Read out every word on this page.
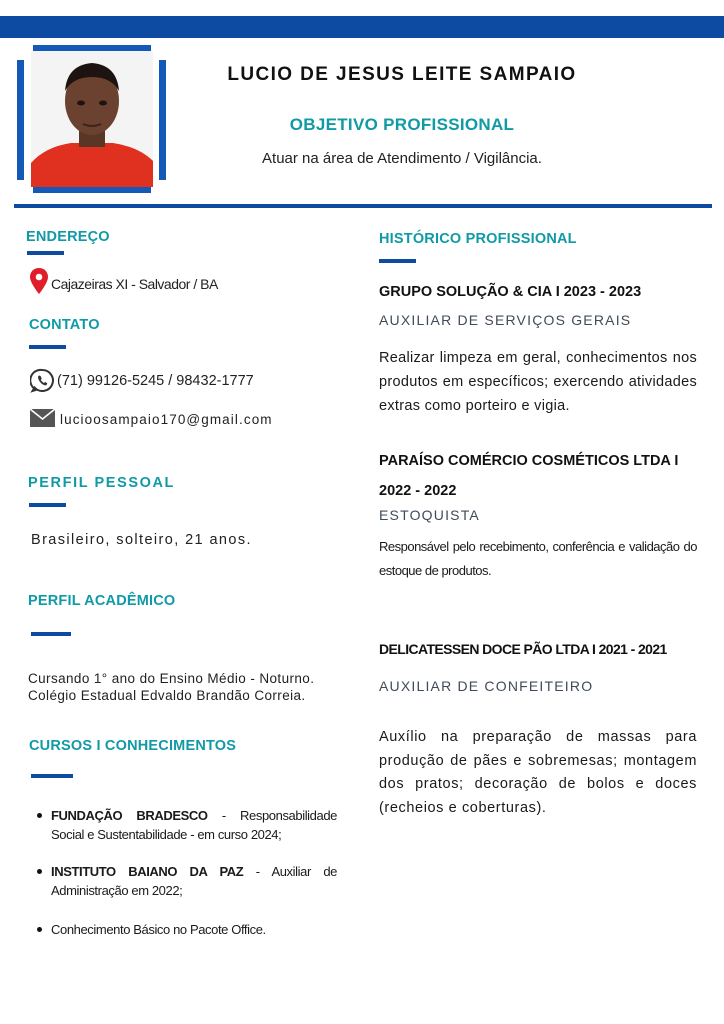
LUCIO DE JESUS LEITE SAMPAIO
OBJETIVO PROFISSIONAL
Atuar na área de Atendimento / Vigilância.
ENDEREÇO
Cajazeiras XI - Salvador / BA
CONTATO
(71) 99126-5245 / 98432-1777
lucioosampaio170@gmail.com
PERFIL PESSOAL
Brasileiro, solteiro, 21 anos.
PERFIL ACADÊMICO
Cursando 1° ano do Ensino Médio - Noturno.
Colégio Estadual Edvaldo Brandão Correia.
CURSOS I CONHECIMENTOS
FUNDAÇÃO BRADESCO - Responsabilidade Social e Sustentabilidade - em curso 2024;
INSTITUTO BAIANO DA PAZ - Auxiliar de Administração em 2022;
Conhecimento Básico no Pacote Office.
HISTÓRICO PROFISSIONAL
GRUPO SOLUÇÃO & CIA I 2023 - 2023
AUXILIAR DE SERVIÇOS GERAIS
Realizar limpeza em geral, conhecimentos nos produtos em específicos; exercendo atividades extras como porteiro e vigia.
PARAÍSO COMÉRCIO COSMÉTICOS LTDA I 2022 - 2022
ESTOQUISTA
Responsável pelo recebimento, conferência e validação do estoque de produtos.
DELICATESSEN DOCE PÃO LTDA I 2021 - 2021
AUXILIAR DE CONFEITEIRO
Auxílio na preparação de massas para produção de pães e sobremesas; montagem dos pratos; decoração de bolos e doces (recheios e coberturas).
